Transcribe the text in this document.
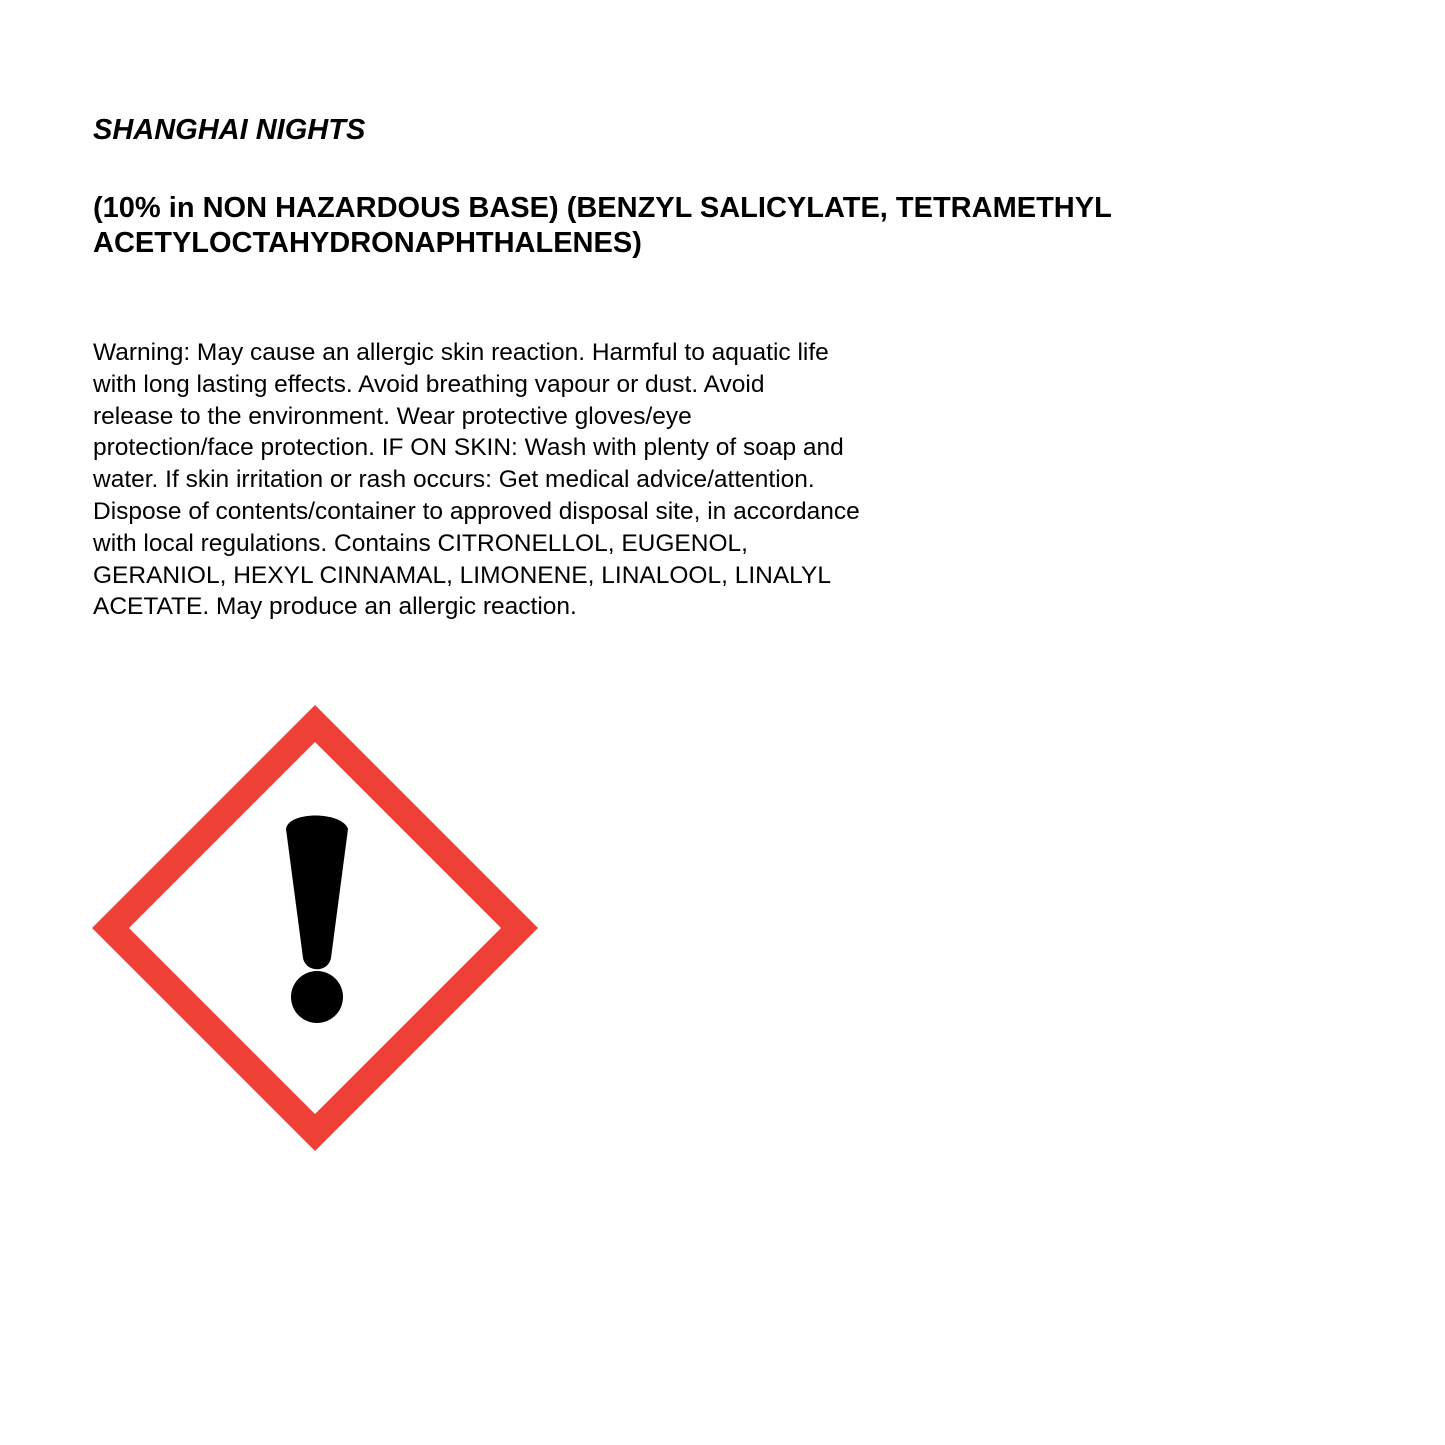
SHANGHAI NIGHTS
(10% in NON HAZARDOUS BASE) (BENZYL SALICYLATE, TETRAMETHYL
ACETYLOCTAHYDRONAPHTHALENES)

Warning: May cause an allergic skin reaction. Harmful to aquatic life
with long lasting effects. Avoid breathing vapour or dust. Avoid
release to the environment. Wear protective gloves/eye
protection/face protection. IF ON SKIN: Wash with plenty of soap and
water. If skin irritation or rash occurs: Get medical advice/attention.
Dispose of contents/container to approved disposal site, in accordance
with local regulations. Contains CITRONELLOL, EUGENOL,
GERANIOL, HEXYL CINNAMAL, LIMONENE, LINALOOL, LINALYL
ACETATE. May produce an allergic reaction.
